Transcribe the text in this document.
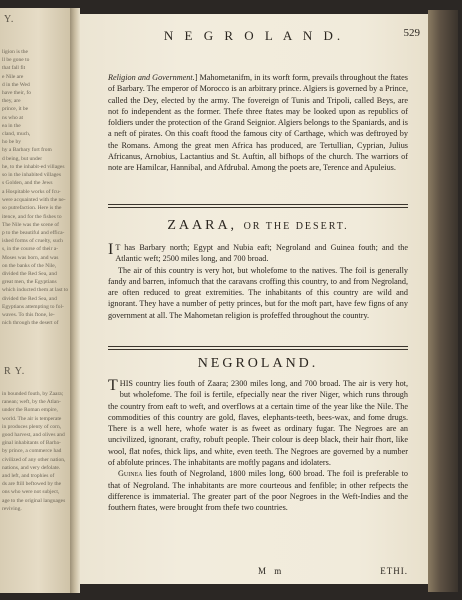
Y.
ligion is the
ll be gone to
that fall fit
e Nile are
d in the Wed
have their, fo
they, are
prince, it be
ns who at
ea in the
cland, much,
ho be by
hy a Barbary fort from
d being, but under
he, to the inhabit-ed villages
so in the inhabited villages
s Golden, and the Jews
a Hospitable works of fcu-
were acquainted with the ne-
so putrefaction. Here is the
itence, and for the fishes to
The Nile was the scene of
p to the beautiful and effica-
ished forms of cruelty, such
s, in the course of their a-
Moses was born, and was
on the banks of the Nile,
divided the Red Sea, and
great men, the Egyptians
which inducted them at last to
divided the Red Sea, and
Egyptians attempting to fol-
waves. To this ftone, le-
nich through the desert of
R Y.
in bounded fouth, by Zaara;
ranean; weft, by the Atlan-
under the Roman empire,
world. The air is temperate
in produces plenty of corn,
good harvest, and olives and
ginal inhabitants of Barba-
by prince, a commerce had
civilized of any other nation,
nations, and very defolate.
and left, and trophies of
ds are ftill beftowed by the
ons who were not subject,
age to the original languages
reviving.
N E G R O L A N D.	529

Religion and Government.] Mahometanifm, in its worft form, prevails throughout the ftates of Barbary. The emperor of Morocco is an arbitrary prince. Algiers is governed by a Prince, called the Dey, elected by the army. The fovereign of Tunis and Tripoli, called Beys, are not fo independent as the former. Thefe three ftates may be looked upon as republics of foldiers under the protection of the Grand Seignior. Algiers belongs to the Spaniards, and is a neft of pirates. On this coaft ftood the famous city of Carthage, which was deftroyed by the Romans. Among the great men Africa has produced, are Tertullian, Cyprian, Julius Africanus, Arnobius, Lactantius and St. Auftin, all bifhops of the church. The warriors of note are Hamilcar, Hannibal, and Afdrubal. Among the poets are, Terence and Apuleius.

ZAARA, OR THE DESERT.

I T has Barbary north; Egypt and Nubia eaft; Negroland and Guinea fouth; and the Atlantic weft; 2500 miles long, and 700 broad.

The air of this country is very hot, but wholefome to the natives. The foil is generally fandy and barren, infomuch that the caravans croffing this country, to and from Negroland, are often reduced to great extremities. The inhabitants of this country are wild and ignorant. They have a number of petty princes, but for the moft part, have few figns of any government at all. The Mahometan religion is profeffed throughout the country.

NEGROLAND.

THIS country lies fouth of Zaara; 2300 miles long, and 700 broad. The air is very hot, but wholefome. The foil is fertile, efpecially near the river Niger, which runs through the country from eaft to weft, and overflows at a certain time of the year like the Nile. The commodities of this country are gold, flaves, elephants-teeth, bees-wax, and fome drugs. There is a well here, whofe water is as fweet as ordinary fugar. The Negroes are an uncivilized, ignorant, crafty, robuft people. Their colour is deep black, their hair fhort, like wool, flat nofes, thick lips, and white, even teeth. The Negroes are governed by a number of abfolute princes. The inhabitants are moftly pagans and idolaters.

Guinea lies fouth of Negroland, 1800 miles long, 600 broad. The foil is preferable to that of Negroland. The inhabitants are more courteous and fenfible; in other refpects the difference is immaterial. The greater part of the poor Negroes in the Weft-Indies and the fouthern ftates, were brought from thefe two countries.

M m	ETHI.
